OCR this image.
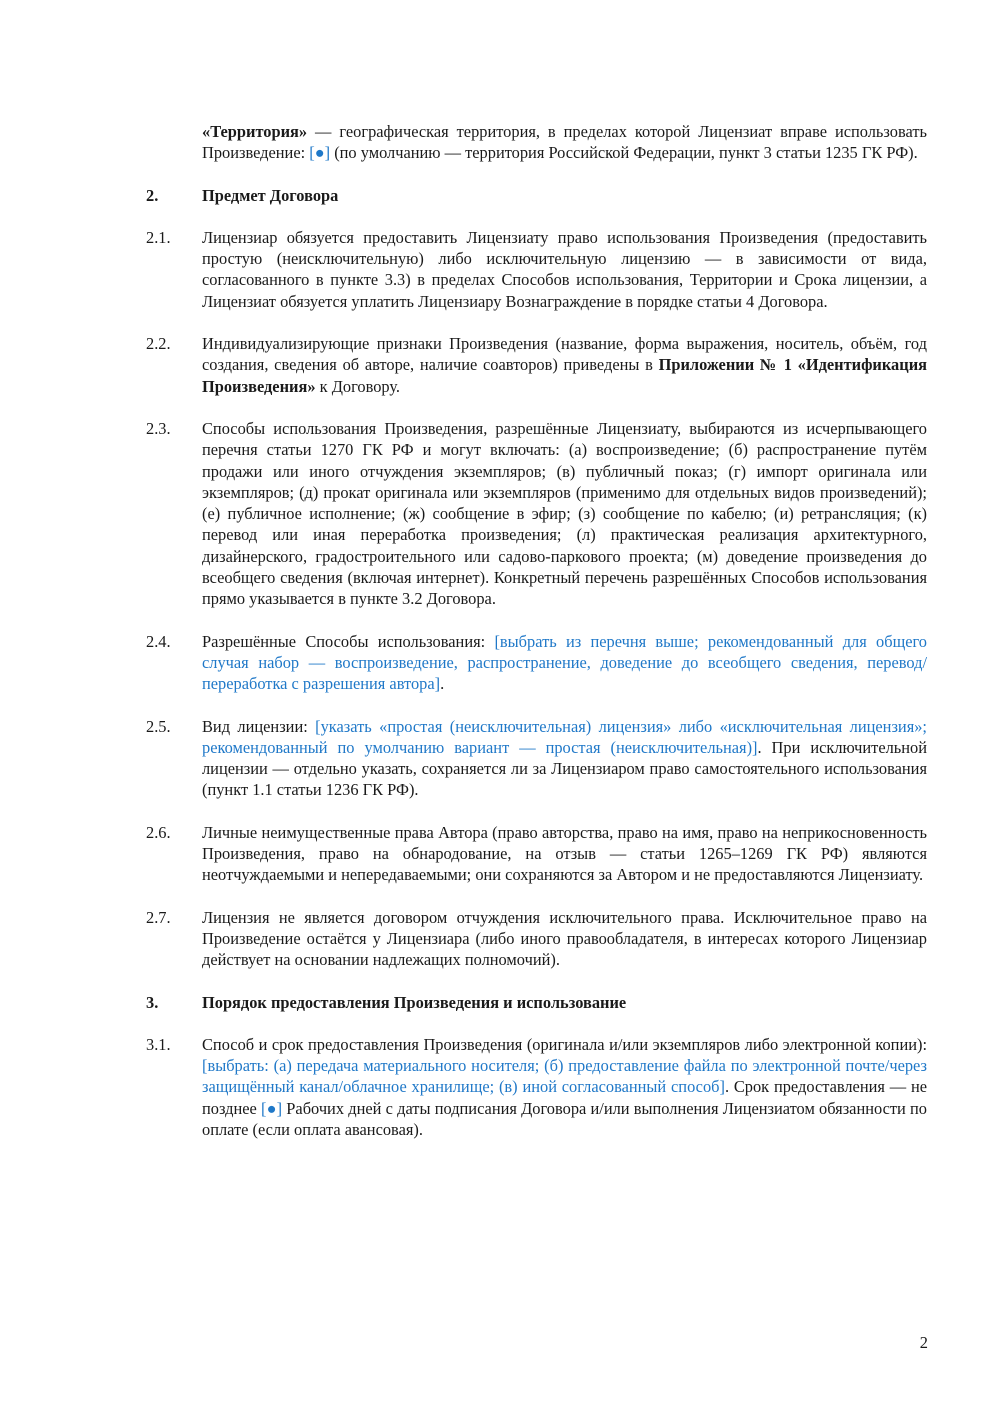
«Территория» — географическая территория, в пределах которой Лицензиат вправе использовать Произведение: [●] (по умолчанию — территория Российской Федерации, пункт 3 статьи 1235 ГК РФ).

2.	Предмет Договора
2.1.	Лицензиар обязуется предоставить Лицензиату право использования Произведения (предоставить простую (неисключительную) либо исключительную лицензию — в зависимости от вида, согласованного в пункте 3.3) в пределах Способов использования, Территории и Срока лицензии, а Лицензиат обязуется уплатить Лицензиару Вознаграждение в порядке статьи 4 Договора.
2.2.	Индивидуализирующие признаки Произведения (название, форма выражения, носитель, объём, год создания, сведения об авторе, наличие соавторов) приведены в Приложении № 1 «Идентификация Произведения» к Договору.
2.3.	Способы использования Произведения, разрешённые Лицензиату, выбираются из исчерпывающего перечня статьи 1270 ГК РФ и могут включать: (а) воспроизведение; (б) распространение путём продажи или иного отчуждения экземпляров; (в) публичный показ; (г) импорт оригинала или экземпляров; (д) прокат оригинала или экземпляров (применимо для отдельных видов произведений); (е) публичное исполнение; (ж) сообщение в эфир; (з) сообщение по кабелю; (и) ретрансляция; (к) перевод или иная переработка произведения; (л) практическая реализация архитектурного, дизайнерского, градостроительного или садово-паркового проекта; (м) доведение произведения до всеобщего сведения (включая интернет). Конкретный перечень разрешённых Способов использования прямо указывается в пункте 3.2 Договора.
2.4.	Разрешённые Способы использования: [выбрать из перечня выше; рекомендованный для общего случая набор — воспроизведение, распространение, доведение до всеобщего сведения, перевод/переработка с разрешения автора].
2.5.	Вид лицензии: [указать «простая (неисключительная) лицензия» либо «исключительная лицензия»; рекомендованный по умолчанию вариант — простая (неисключительная)]. При исключительной лицензии — отдельно указать, сохраняется ли за Лицензиаром право самостоятельного использования (пункт 1.1 статьи 1236 ГК РФ).
2.6.	Личные неимущественные права Автора (право авторства, право на имя, право на неприкосновенность Произведения, право на обнародование, на отзыв — статьи 1265–1269 ГК РФ) являются неотчуждаемыми и непередаваемыми; они сохраняются за Автором и не предоставляются Лицензиату.
2.7.	Лицензия не является договором отчуждения исключительного права. Исключительное право на Произведение остаётся у Лицензиара (либо иного правообладателя, в интересах которого Лицензиар действует на основании надлежащих полномочий).
3.	Порядок предоставления Произведения и использование
3.1.	Способ и срок предоставления Произведения (оригинала и/или экземпляров либо электронной копии): [выбрать: (а) передача материального носителя; (б) предоставление файла по электронной почте/через защищённый канал/облачное хранилище; (в) иной согласованный способ]. Срок предоставления — не позднее [●] Рабочих дней с даты подписания Договора и/или выполнения Лицензиатом обязанности по оплате (если оплата авансовая).
2
